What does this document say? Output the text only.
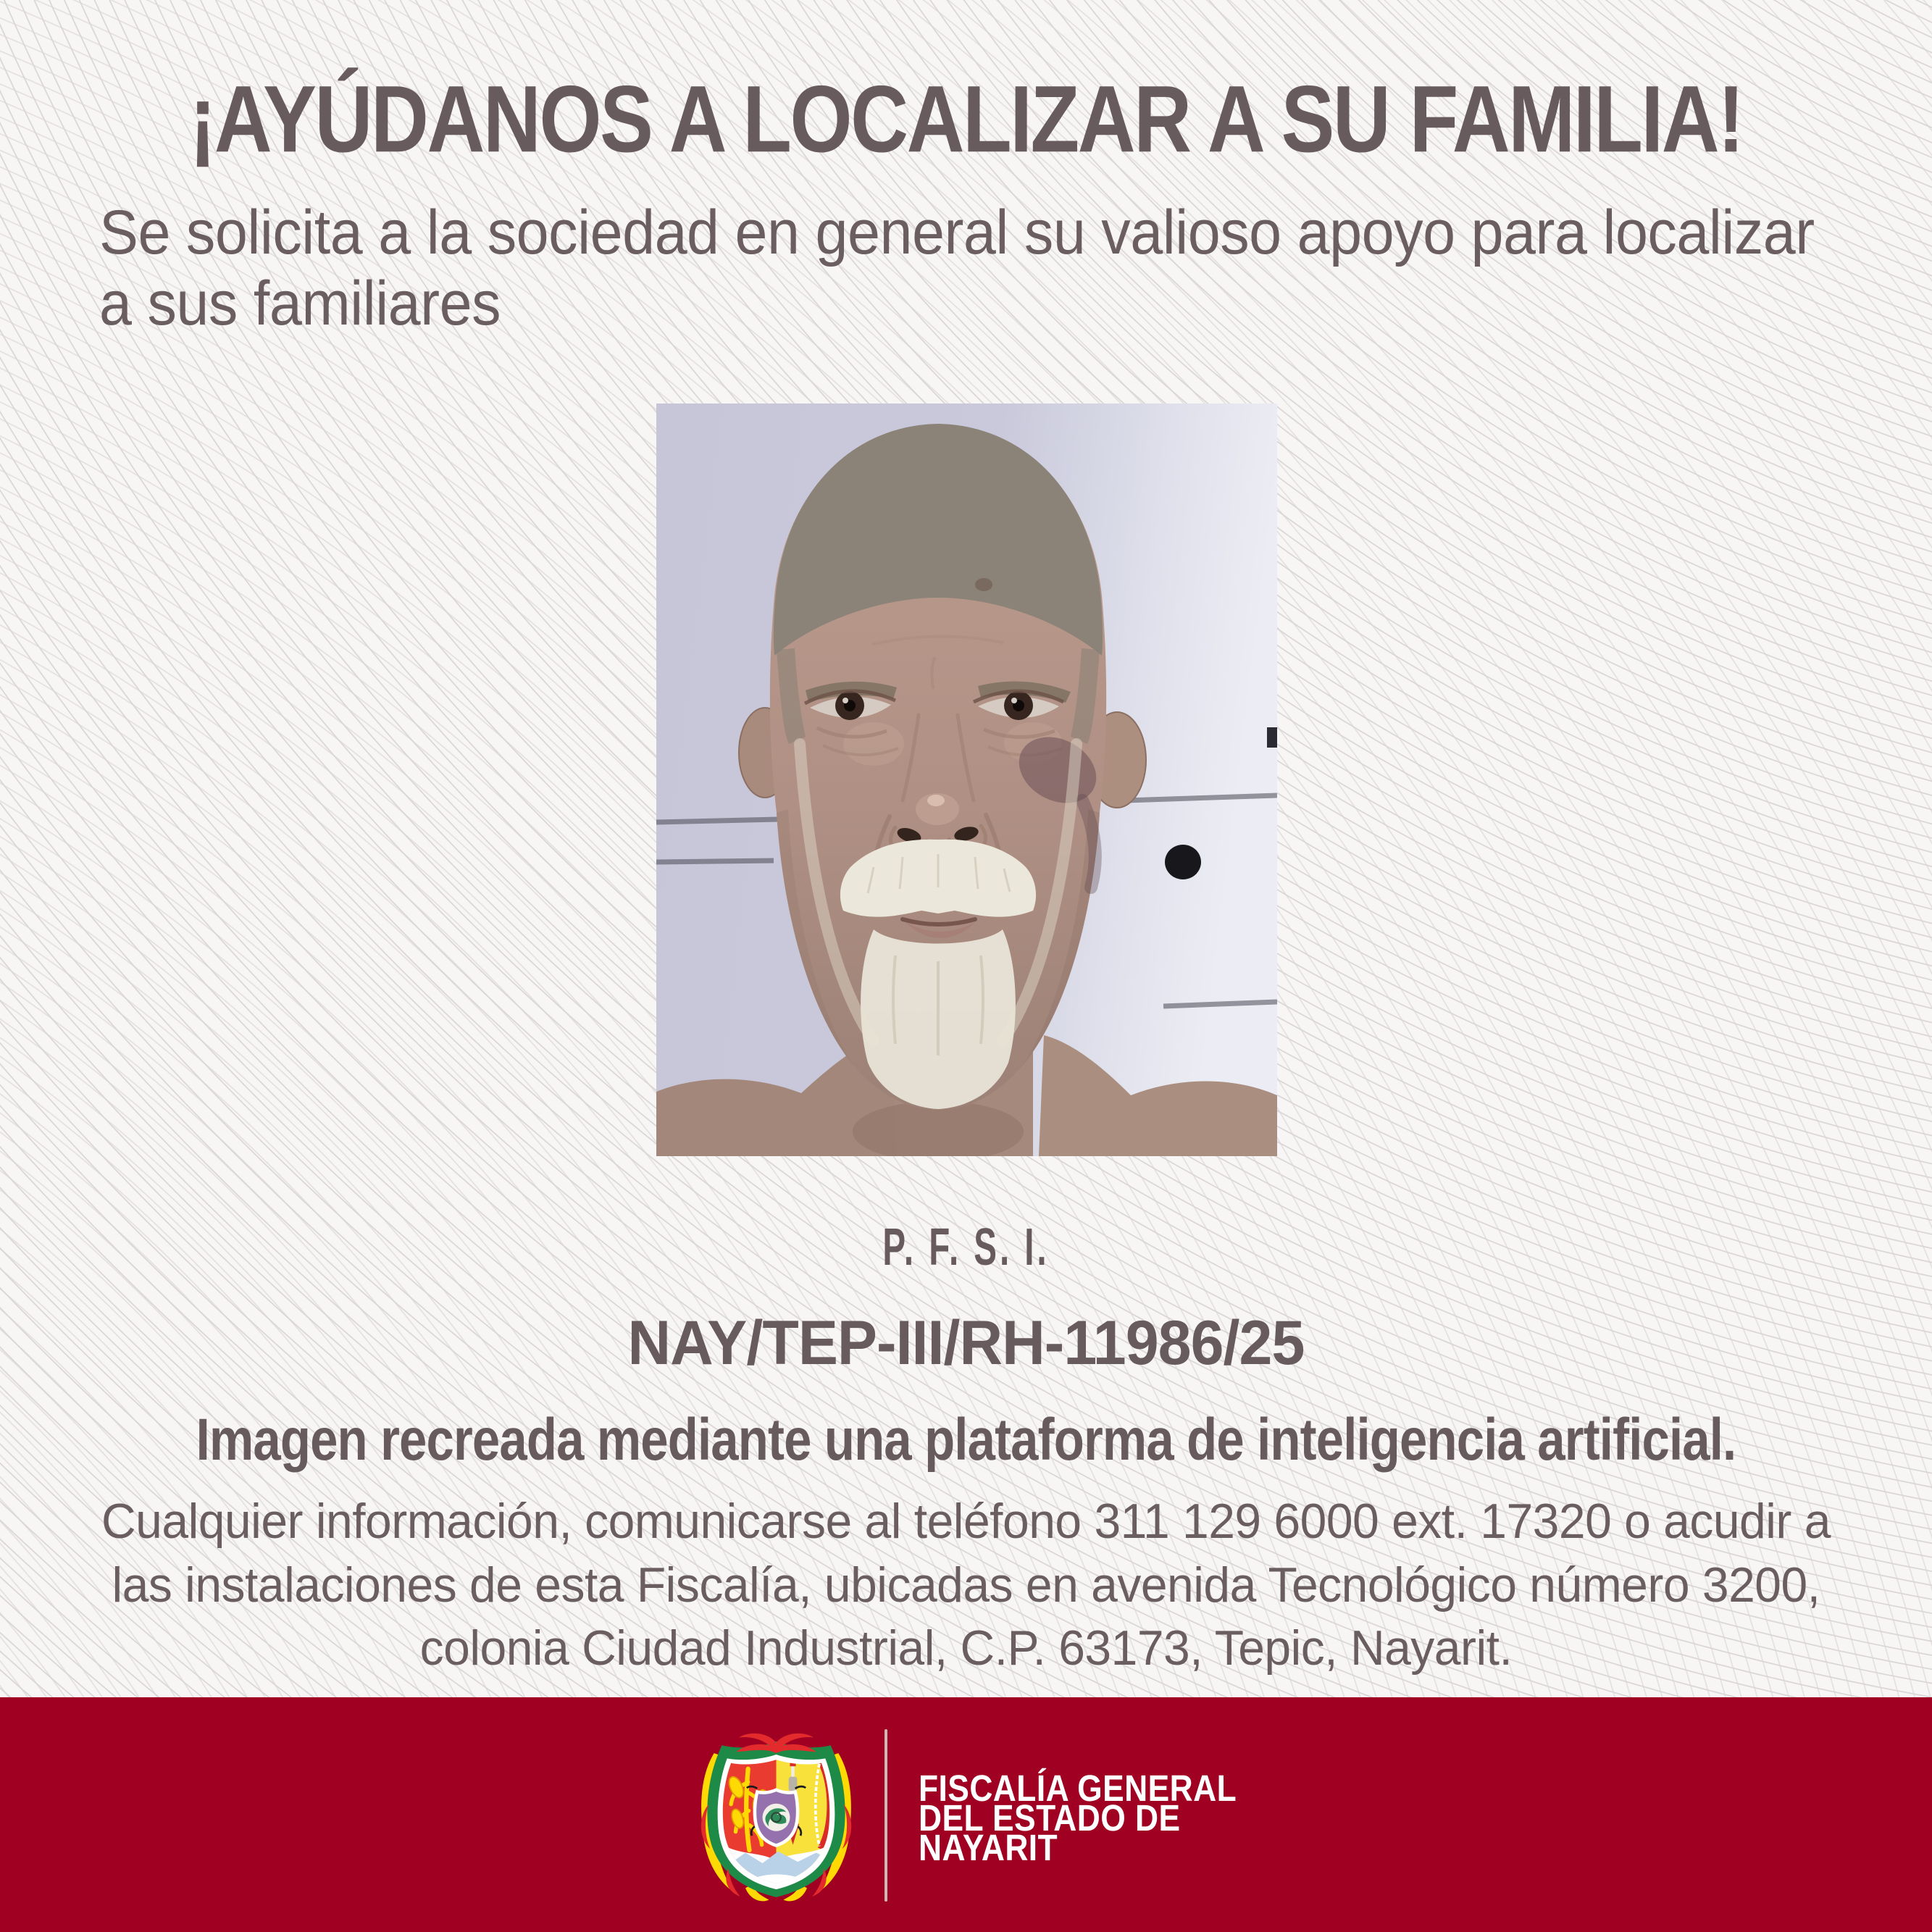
¡AYÚDANOS A LOCALIZAR A SU FAMILIA!

Se solicita a la sociedad en general su valioso apoyo para localizar a sus familiares

P. F. S. I.
NAY/TEP-III/RH-11986/25
Imagen recreada mediante una plataforma de inteligencia artificial.

Cualquier información, comunicarse al teléfono 311 129 6000 ext. 17320 o acudir a las instalaciones de esta Fiscalía, ubicadas en avenida Tecnológico número 3200, colonia Ciudad Industrial, C.P. 63173, Tepic, Nayarit.

FISCALÍA GENERAL
DEL ESTADO DE
NAYARIT
